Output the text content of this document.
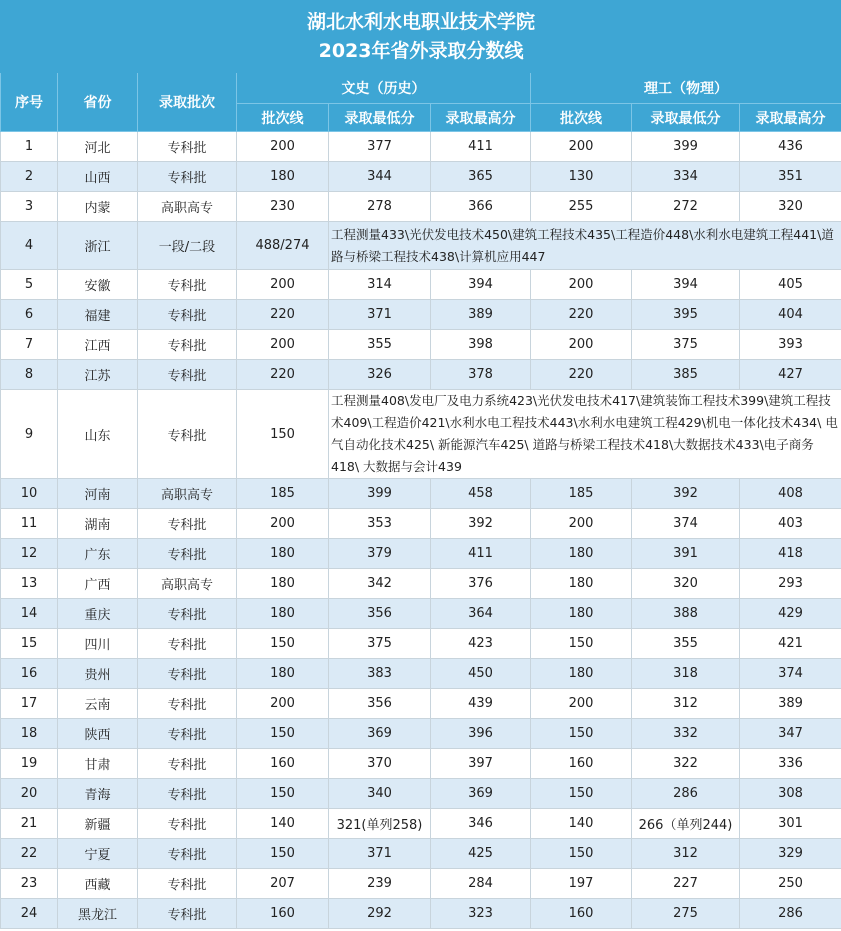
湖北水利水电职业技术学院
2023年省外录取分数线								

序号	省份	录取批次	文史（历史）			理工（物理）		
			批次线	录取最低分	录取最高分	批次线	录取最低分	录取最高分
1	河北	专科批	200	377	411	200	399	436
2	山西	专科批	180	344	365	130	334	351
3	内蒙	高职高专	230	278	366	255	272	320
4	浙江	一段/二段	488/274	工程测量433\光伏发电技术450\建筑工程技术435\工程造价448\水利水电建筑工程441\道路与桥梁工程技术438\计算机应用447				
5	安徽	专科批	200	314	394	200	394	405
6	福建	专科批	220	371	389	220	395	404
7	江西	专科批	200	355	398	200	375	393
8	江苏	专科批	220	326	378	220	385	427
9	山东	专科批	150	工程测量408\发电厂及电力系统423\光伏发电技术417\建筑装饰工程技术399\建筑工程技术409\工程造价421\水利水电工程技术443\水利水电建筑工程429\机电一体化技术434\ 电气自动化技术425\ 新能源汽车425\ 道路与桥梁工程技术418\大数据技术433\电子商务418\ 大数据与会计439				
10	河南	高职高专	185	399	458	185	392	408
11	湖南	专科批	200	353	392	200	374	403
12	广东	专科批	180	379	411	180	391	418
13	广西	高职高专	180	342	376	180	320	293
14	重庆	专科批	180	356	364	180	388	429
15	四川	专科批	150	375	423	150	355	421
16	贵州	专科批	180	383	450	180	318	374
17	云南	专科批	200	356	439	200	312	389
18	陕西	专科批	150	369	396	150	332	347
19	甘肃	专科批	160	370	397	160	322	336
20	青海	专科批	150	340	369	150	286	308
21	新疆	专科批	140	321(单列258)	346	140	266（单列244)	301
22	宁夏	专科批	150	371	425	150	312	329
23	西藏	专科批	207	239	284	197	227	250
24	黑龙江	专科批	160	292	323	160	275	286
